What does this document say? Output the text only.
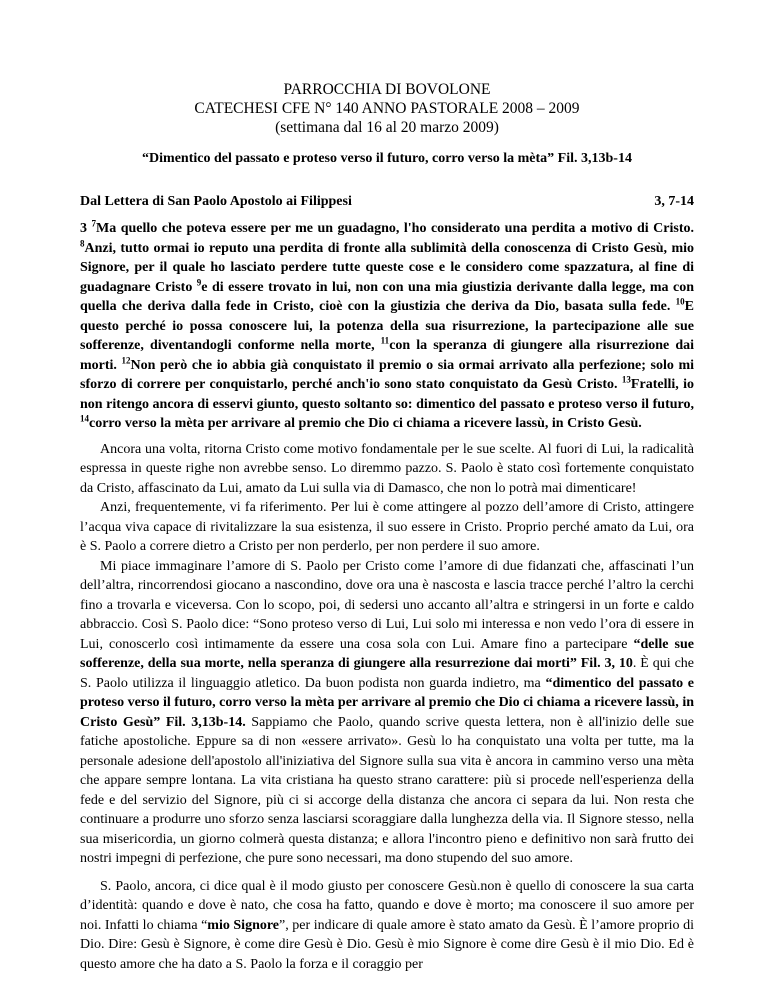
PARROCCHIA DI BOVOLONE
CATECHESI CFE N° 140 ANNO PASTORALE 2008 – 2009
(settimana dal 16 al 20 marzo 2009)
“Dimentico del passato e proteso verso il futuro, corro verso la mèta” Fil. 3,13b-14
Dal Lettera di San Paolo Apostolo ai Filippesi	3, 7-14

3 $^7$Ma quello che poteva essere per me un guadagno, l'ho considerato una perdita a motivo di Cristo. $^8$Anzi, tutto ormai io reputo una perdita di fronte alla sublimità della conoscenza di Cristo Gesù, mio Signore, per il quale ho lasciato perdere tutte queste cose e le considero come spazzatura, al fine di guadagnare Cristo $^9$e di essere trovato in lui, non con una mia giustizia derivante dalla legge, ma con quella che deriva dalla fede in Cristo, cioè con la giustizia che deriva da Dio, basata sulla fede. $^{10}$E questo perché io possa conoscere lui, la potenza della sua risurrezione, la partecipazione alle sue sofferenze, diventandogli conforme nella morte, $^{11}$con la speranza di giungere alla risurrezione dai morti. $^{12}$Non però che io abbia già conquistato il premio o sia ormai arrivato alla perfezione; solo mi sforzo di correre per conquistarlo, perché anch'io sono stato conquistato da Gesù Cristo. $^{13}$Fratelli, io non ritengo ancora di esservi giunto, questo soltanto so: dimentico del passato e proteso verso il futuro, $^{14}$corro verso la mèta per arrivare al premio che Dio ci chiama a ricevere lassù, in Cristo Gesù.

Ancora una volta, ritorna Cristo come motivo fondamentale per le sue scelte. Al fuori di Lui, la radicalità espressa in queste righe non avrebbe senso. Lo diremmo pazzo. S. Paolo è stato così fortemente conquistato da Cristo, affascinato da Lui, amato da Lui sulla via di Damasco, che non lo potrà mai dimenticare!

Anzi, frequentemente, vi fa riferimento. Per lui è come attingere al pozzo dell’amore di Cristo, attingere l’acqua viva capace di rivitalizzare la sua esistenza, il suo essere in Cristo. Proprio perché amato da Lui, ora è S. Paolo a correre dietro a Cristo per non perderlo, per non perdere il suo amore.

Mi piace immaginare l’amore di S. Paolo per Cristo come l’amore di due fidanzati che, affascinati l’un dell’altra, rincorrendosi giocano a nascondino, dove ora una è nascosta e lascia tracce perché l’altro la cerchi fino a trovarla e viceversa. Con lo scopo, poi, di sedersi uno accanto all’altra e stringersi in un forte e caldo abbraccio. Così S. Paolo dice: “Sono proteso verso di Lui, Lui solo mi interessa e non vedo l’ora di essere in Lui, conoscerlo così intimamente da essere una cosa sola con Lui. Amare fino a partecipare “delle sue sofferenze, della sua morte, nella speranza di giungere alla resurrezione dai morti” Fil. 3, 10. È qui che S. Paolo utilizza il linguaggio atletico. Da buon podista non guarda indietro, ma “dimentico del passato e proteso verso il futuro, corro verso la mèta per arrivare al premio che Dio ci chiama a ricevere lassù, in Cristo Gesù” Fil. 3,13b-14. Sappiamo che Paolo, quando scrive questa lettera, non è all'inizio delle sue fatiche apostoliche. Eppure sa di non «essere arrivato». Gesù lo ha conquistato una volta per tutte, ma la personale adesione dell'apostolo all'iniziativa del Signore sulla sua vita è ancora in cammino verso una mèta che appare sempre lontana. La vita cristiana ha questo strano carattere: più si procede nell'esperienza della fede e del servizio del Signore, più ci si accorge della distanza che ancora ci separa da lui. Non resta che continuare a produrre uno sforzo senza lasciarsi scoraggiare dalla lunghezza della via. Il Signore stesso, nella sua misericordia, un giorno colmerà questa distanza; e allora l'incontro pieno e definitivo non sarà frutto dei nostri impegni di perfezione, che pure sono necessari, ma dono stupendo del suo amore.

S. Paolo, ancora, ci dice qual è il modo giusto per conoscere Gesù.non è quello di conoscere la sua carta d’identità: quando e dove è nato, che cosa ha fatto, quando e dove è morto; ma conoscere il suo amore per noi. Infatti lo chiama “mio Signore”, per indicare di quale amore è stato amato da Gesù. È l’amore proprio di Dio. Dire: Gesù è Signore, è come dire Gesù è Dio. Gesù è mio Signore è come dire Gesù è il mio Dio. Ed è questo amore che ha dato a S. Paolo la forza e il coraggio per
